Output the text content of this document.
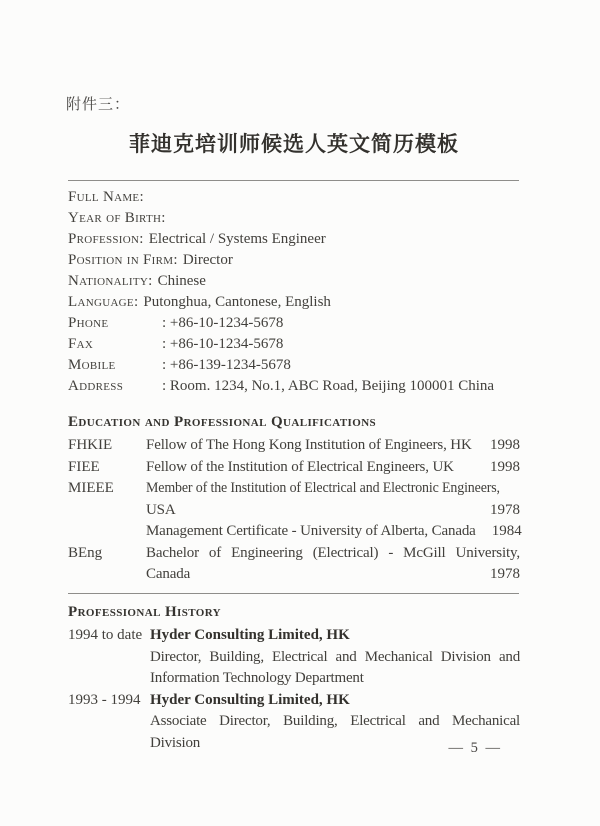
附件三：
菲迪克培训师候选人英文简历模板
Full Name:
Year of Birth:
Profession: Electrical / Systems Engineer
Position in Firm: Director
Nationality: Chinese
Language: Putonghua, Cantonese, English
Phone	: +86-10-1234-5678
Fax	: +86-10-1234-5678
Mobile	: +86-139-1234-5678
Address	: Room. 1234, No.1, ABC Road, Beijing 100001 China
Education and Professional Qualifications
FHKIE	Fellow of The Hong Kong Institution of Engineers, HK	1998
FIEE	Fellow of the Institution of Electrical Engineers, UK	1998
MIEEE	Member of the Institution of Electrical and Electronic Engineers,
USA	1978
Management Certificate - University of Alberta, Canada	1984
BEng	Bachelor of Engineering (Electrical) - McGill University,
Canada	1978
Professional History
1994 to date Hyder Consulting Limited, HK
Director, Building, Electrical and Mechanical Division and
Information Technology Department
1993 - 1994 Hyder Consulting Limited, HK
Associate Director, Building, Electrical and Mechanical
Division	— 5 —
